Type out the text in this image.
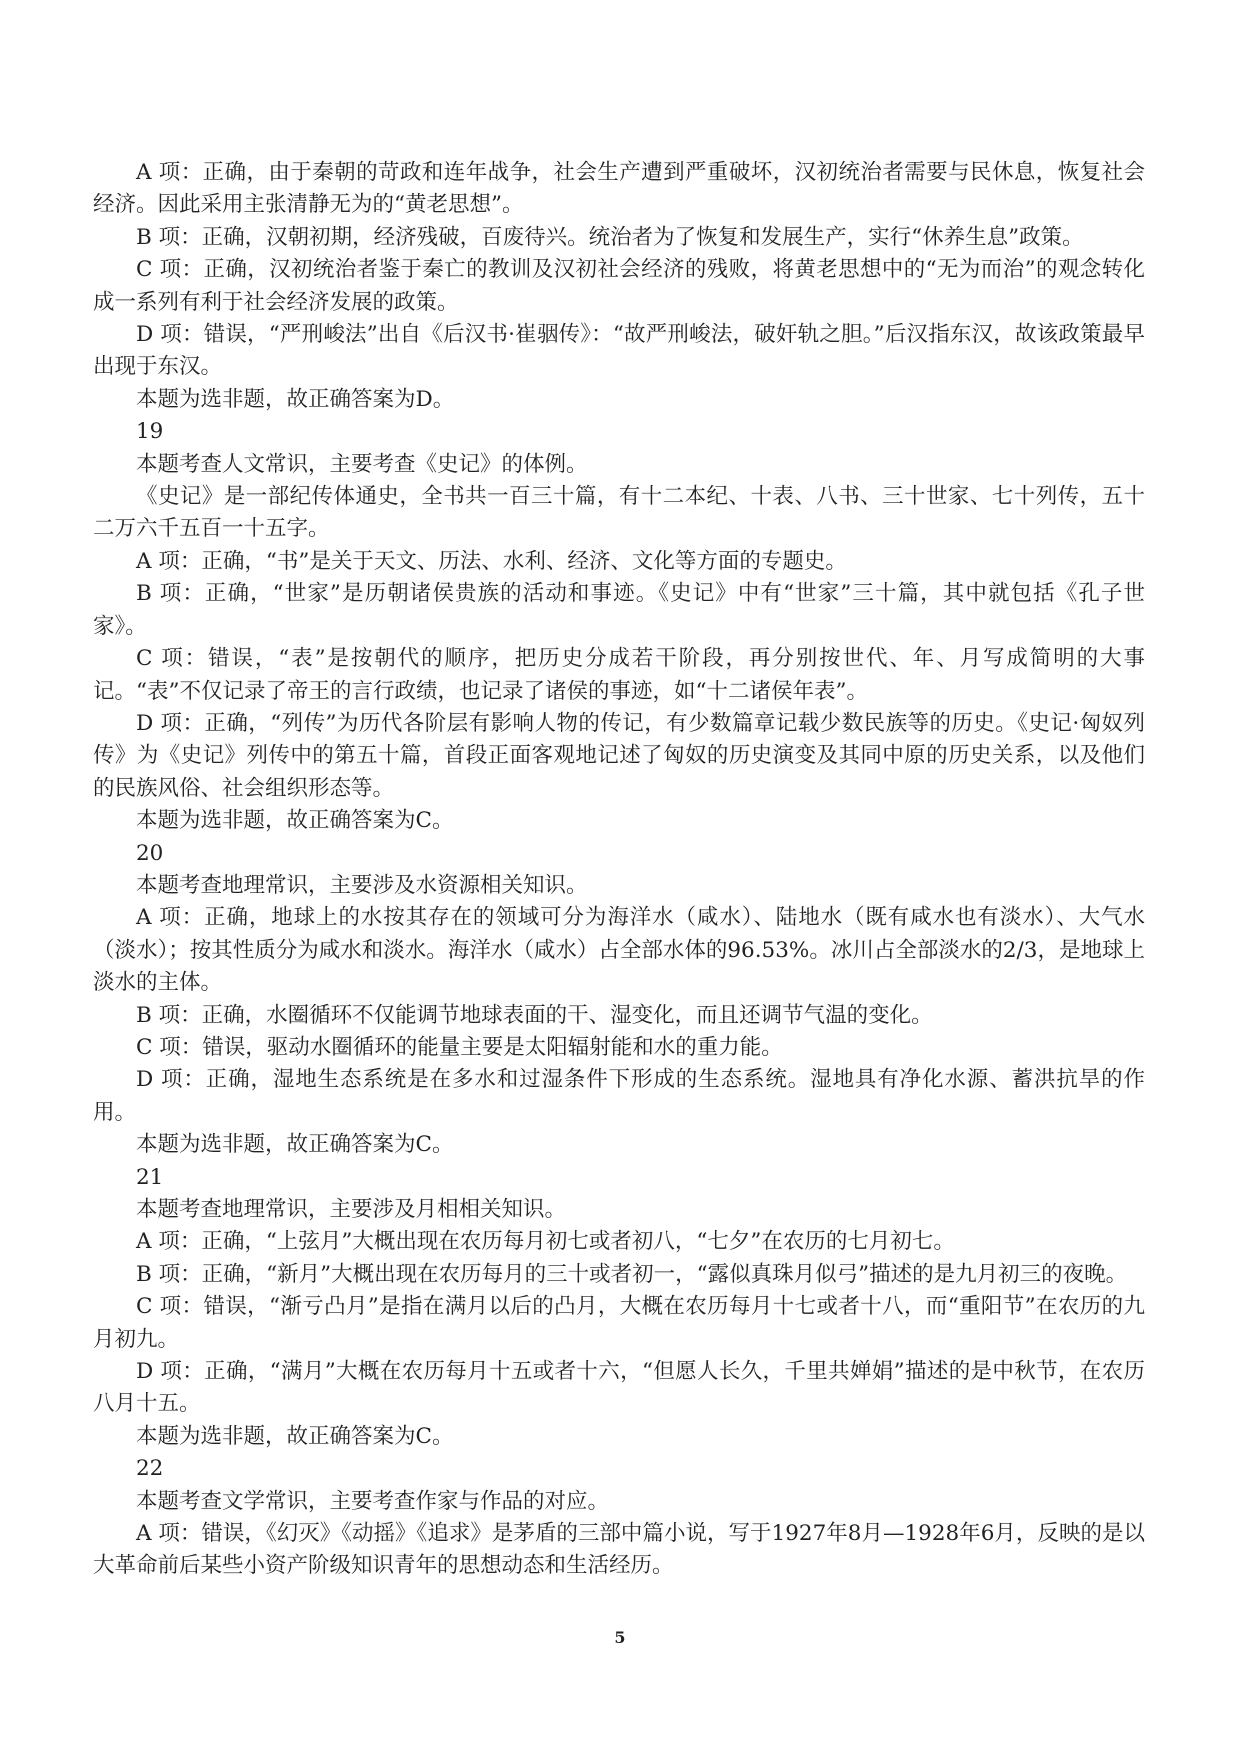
A 项：正确，由于秦朝的苛政和连年战争，社会生产遭到严重破坏，汉初统治者需要与民休息，恢复社会经济。因此采用主张清静无为的“黄老思想”。

B 项：正确，汉朝初期，经济残破，百废待兴。统治者为了恢复和发展生产，实行“休养生息”政策。

C 项：正确，汉初统治者鉴于秦亡的教训及汉初社会经济的残败，将黄老思想中的“无为而治”的观念转化成一系列有利于社会经济发展的政策。

D 项：错误，“严刑峻法”出自《后汉书·崔骃传》：“故严刑峻法，破奸轨之胆。”后汉指东汉，故该政策最早出现于东汉。

本题为选非题，故正确答案为D。

19

本题考查人文常识，主要考查《史记》的体例。

《史记》是一部纪传体通史，全书共一百三十篇，有十二本纪、十表、八书、三十世家、七十列传，五十二万六千五百一十五字。

A 项：正确，“书”是关于天文、历法、水利、经济、文化等方面的专题史。

B 项：正确，“世家”是历朝诸侯贵族的活动和事迹。《史记》中有“世家”三十篇，其中就包括《孔子世家》。

C 项：错误，“表”是按朝代的顺序，把历史分成若干阶段，再分别按世代、年、月写成简明的大事记。“表”不仅记录了帝王的言行政绩，也记录了诸侯的事迹，如“十二诸侯年表”。

D 项：正确，“列传”为历代各阶层有影响人物的传记，有少数篇章记载少数民族等的历史。《史记·匈奴列传》为《史记》列传中的第五十篇，首段正面客观地记述了匈奴的历史演变及其同中原的历史关系，以及他们的民族风俗、社会组织形态等。

本题为选非题，故正确答案为C。

20

本题考查地理常识，主要涉及水资源相关知识。

A 项：正确，地球上的水按其存在的领域可分为海洋水（咸水）、陆地水（既有咸水也有淡水）、大气水（淡水）；按其性质分为咸水和淡水。海洋水（咸水）占全部水体的96.53%。冰川占全部淡水的2/3，是地球上淡水的主体。

B 项：正确，水圈循环不仅能调节地球表面的干、湿变化，而且还调节气温的变化。

C 项：错误，驱动水圈循环的能量主要是太阳辐射能和水的重力能。

D 项：正确，湿地生态系统是在多水和过湿条件下形成的生态系统。湿地具有净化水源、蓄洪抗旱的作用。

本题为选非题，故正确答案为C。

21

本题考查地理常识，主要涉及月相相关知识。

A 项：正确，“上弦月”大概出现在农历每月初七或者初八，“七夕”在农历的七月初七。

B 项：正确，“新月”大概出现在农历每月的三十或者初一，“露似真珠月似弓”描述的是九月初三的夜晚。

C 项：错误，“渐亏凸月”是指在满月以后的凸月，大概在农历每月十七或者十八，而“重阳节”在农历的九月初九。

D 项：正确，“满月”大概在农历每月十五或者十六，“但愿人长久，千里共婵娟”描述的是中秋节，在农历八月十五。

本题为选非题，故正确答案为C。

22

本题考查文学常识，主要考查作家与作品的对应。

A 项：错误，《幻灭》《动摇》《追求》是茅盾的三部中篇小说，写于1927年8月—1928年6月，反映的是以大革命前后某些小资产阶级知识青年的思想动态和生活经历。

5
